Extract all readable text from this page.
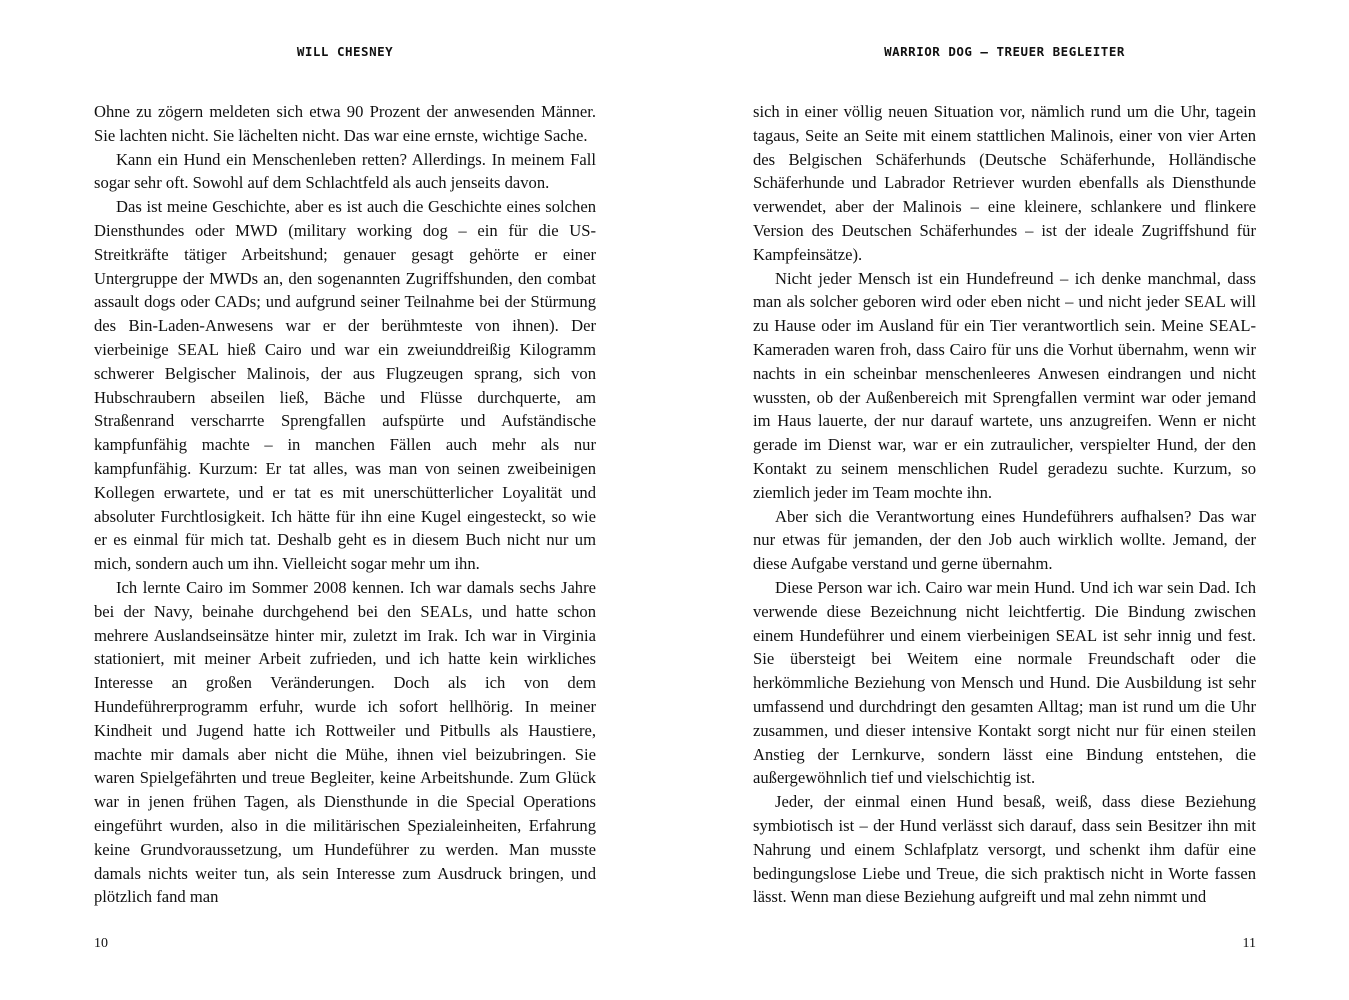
WILL CHESNEY

Ohne zu zögern meldeten sich etwa 90 Prozent der anwesenden Männer. Sie lachten nicht. Sie lächelten nicht. Das war eine ernste, wichtige Sache.

Kann ein Hund ein Menschenleben retten? Allerdings. In meinem Fall sogar sehr oft. Sowohl auf dem Schlachtfeld als auch jenseits davon.

Das ist meine Geschichte, aber es ist auch die Geschichte eines solchen Diensthundes oder MWD (military working dog – ein für die US-Streitkräfte tätiger Arbeitshund; genauer gesagt gehörte er einer Untergruppe der MWDs an, den sogenannten Zugriffshunden, den combat assault dogs oder CADs; und aufgrund seiner Teilnahme bei der Stürmung des Bin-Laden-Anwesens war er der berühmteste von ihnen). Der vierbeinige SEAL hieß Cairo und war ein zweiunddreißig Kilogramm schwerer Belgischer Malinois, der aus Flugzeugen sprang, sich von Hubschraubern abseilen ließ, Bäche und Flüsse durchquerte, am Straßenrand verscharrte Sprengfallen aufspürte und Aufständische kampfunfähig machte – in manchen Fällen auch mehr als nur kampfunfähig. Kurzum: Er tat alles, was man von seinen zweibeinigen Kollegen erwartete, und er tat es mit unerschütterlicher Loyalität und absoluter Furchtlosigkeit. Ich hätte für ihn eine Kugel eingesteckt, so wie er es einmal für mich tat. Deshalb geht es in diesem Buch nicht nur um mich, sondern auch um ihn. Vielleicht sogar mehr um ihn.

Ich lernte Cairo im Sommer 2008 kennen. Ich war damals sechs Jahre bei der Navy, beinahe durchgehend bei den SEALs, und hatte schon mehrere Auslandseinsätze hinter mir, zuletzt im Irak. Ich war in Virginia stationiert, mit meiner Arbeit zufrieden, und ich hatte kein wirkliches Interesse an großen Veränderungen. Doch als ich von dem Hundeführerprogramm erfuhr, wurde ich sofort hellhörig. In meiner Kindheit und Jugend hatte ich Rottweiler und Pitbulls als Haustiere, machte mir damals aber nicht die Mühe, ihnen viel beizubringen. Sie waren Spielgefährten und treue Begleiter, keine Arbeitshunde. Zum Glück war in jenen frühen Tagen, als Diensthunde in die Special Operations eingeführt wurden, also in die militärischen Spezialeinheiten, Erfahrung keine Grundvoraussetzung, um Hundeführer zu werden. Man musste damals nichts weiter tun, als sein Interesse zum Ausdruck bringen, und plötzlich fand man

10
WARRIOR DOG – TREUER BEGLEITER

sich in einer völlig neuen Situation vor, nämlich rund um die Uhr, tagein tagaus, Seite an Seite mit einem stattlichen Malinois, einer von vier Arten des Belgischen Schäferhunds (Deutsche Schäferhunde, Holländische Schäferhunde und Labrador Retriever wurden ebenfalls als Diensthunde verwendet, aber der Malinois – eine kleinere, schlankere und flinkere Version des Deutschen Schäferhundes – ist der ideale Zugriffshund für Kampfeinsätze).

Nicht jeder Mensch ist ein Hundefreund – ich denke manchmal, dass man als solcher geboren wird oder eben nicht – und nicht jeder SEAL will zu Hause oder im Ausland für ein Tier verantwortlich sein. Meine SEAL-Kameraden waren froh, dass Cairo für uns die Vorhut übernahm, wenn wir nachts in ein scheinbar menschenleeres Anwesen eindrangen und nicht wussten, ob der Außenbereich mit Sprengfallen vermint war oder jemand im Haus lauerte, der nur darauf wartete, uns anzugreifen. Wenn er nicht gerade im Dienst war, war er ein zutraulicher, verspielter Hund, der den Kontakt zu seinem menschlichen Rudel geradezu suchte. Kurzum, so ziemlich jeder im Team mochte ihn.

Aber sich die Verantwortung eines Hundeführers aufhalsen? Das war nur etwas für jemanden, der den Job auch wirklich wollte. Jemand, der diese Aufgabe verstand und gerne übernahm.

Diese Person war ich. Cairo war mein Hund. Und ich war sein Dad. Ich verwende diese Bezeichnung nicht leichtfertig. Die Bindung zwischen einem Hundeführer und einem vierbeinigen SEAL ist sehr innig und fest. Sie übersteigt bei Weitem eine normale Freundschaft oder die herkömmliche Beziehung von Mensch und Hund. Die Ausbildung ist sehr umfassend und durchdringt den gesamten Alltag; man ist rund um die Uhr zusammen, und dieser intensive Kontakt sorgt nicht nur für einen steilen Anstieg der Lernkurve, sondern lässt eine Bindung entstehen, die außergewöhnlich tief und vielschichtig ist.

Jeder, der einmal einen Hund besaß, weiß, dass diese Beziehung symbiotisch ist – der Hund verlässt sich darauf, dass sein Besitzer ihn mit Nahrung und einem Schlafplatz versorgt, und schenkt ihm dafür eine bedingungslose Liebe und Treue, die sich praktisch nicht in Worte fassen lässt. Wenn man diese Beziehung aufgreift und mal zehn nimmt und

11
